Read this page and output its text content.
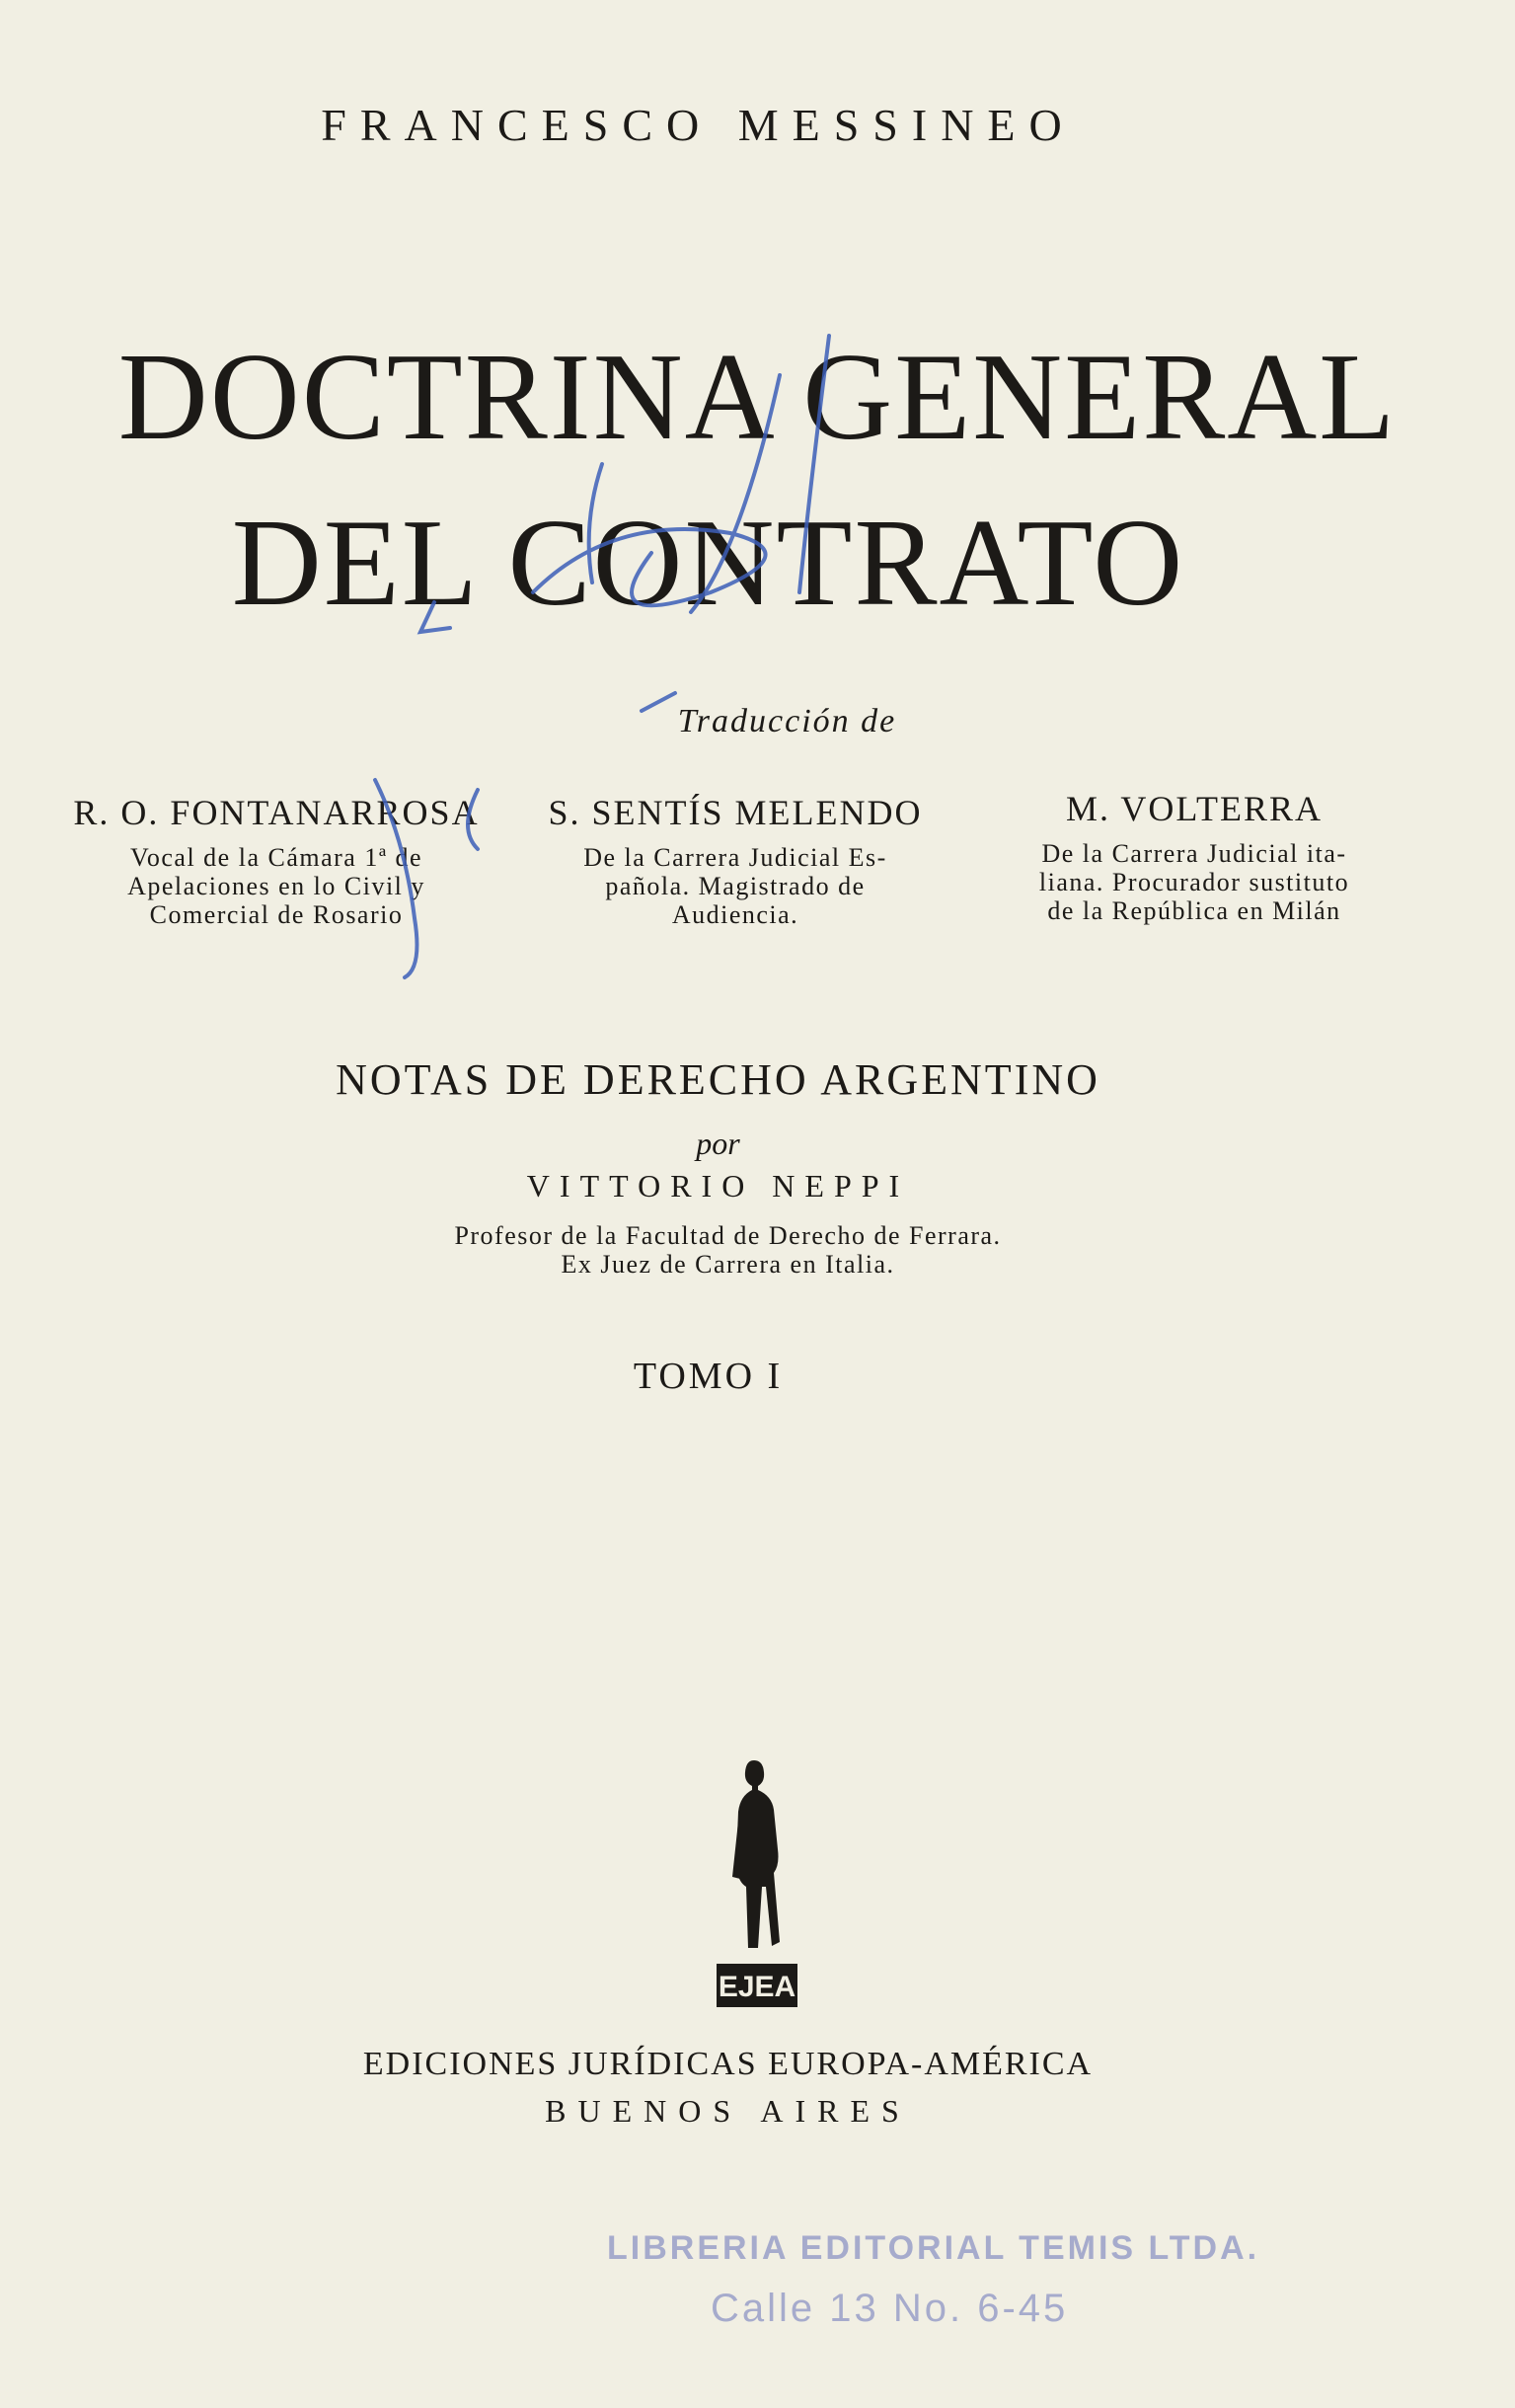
FRANCESCO MESSINEO
DOCTRINA GENERAL
DEL CONTRATO
Traducción de
R. O. FONTANARROSA
Vocal de la Cámara 1ª de
Apelaciones en lo Civil y
Comercial de Rosario
S. SENTÍS MELENDO
De la Carrera Judicial Es-
pañola. Magistrado de
Audiencia.
M. VOLTERRA
De la Carrera Judicial ita-
liana. Procurador sustituto
de la República en Milán
NOTAS DE DERECHO ARGENTINO
por
VITTORIO NEPPI
Profesor de la Facultad de Derecho de Ferrara.
Ex Juez de Carrera en Italia.
TOMO I
EJEA
EDICIONES JURÍDICAS EUROPA-AMÉRICA
BUENOS AIRES
LIBRERIA EDITORIAL TEMIS LTDA.
Calle 13 No. 6-45
